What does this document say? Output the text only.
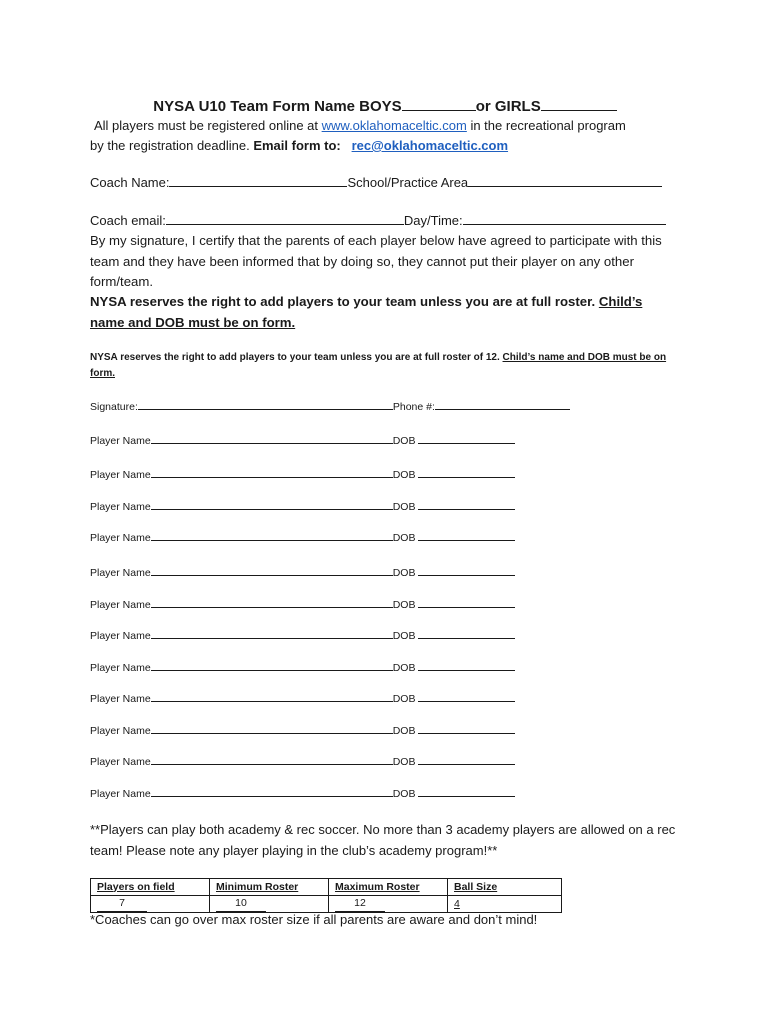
NYSA U10 Team Form Name BOYS	or GIRLS
All players must be registered online at www.oklahomaceltic.com in the recreational program
by the registration deadline. Email form to: rec@oklahomaceltic.com
Coach Name:	School/Practice Area
Coach email:	Day/Time:
By my signature, I certify that the parents of each player below have agreed to participate with this team and they have been informed that by doing so, they cannot put their player on any other form/team.
NYSA reserves the right to add players to your team unless you are at full roster. Child’s name and DOB must be on form.
NYSA reserves the right to add players to your team unless you are at full roster of 12. Child’s name and DOB must be on form.
Signature:	Phone #:
Player Name	DOB
Player Name	DOB
Player Name	DOB
Player Name	DOB
Player Name	DOB
Player Name	DOB
Player Name	DOB
Player Name	DOB
Player Name	DOB
Player Name	DOB
Player Name	DOB
Player Name	DOB
**Players can play both academy & rec soccer. No more than 3 academy players are allowed on a rec team! Please note any player playing in the club’s academy program!**
Players on field	Minimum Roster	Maximum Roster	Ball Size
7	10	12	4
*Coaches can go over max roster size if all parents are aware and don’t mind!
